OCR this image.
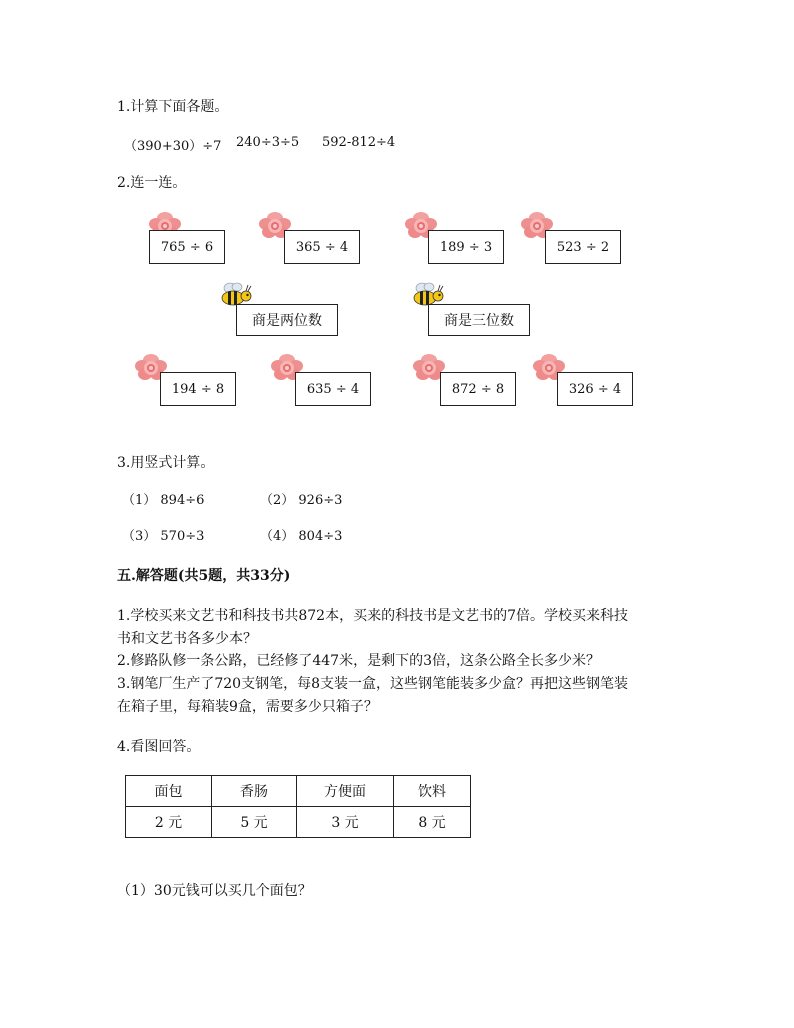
1.计算下面各题。
（390+30）÷7 240÷3÷5 592-812÷4
2.连一连。
765 ÷ 6	365 ÷ 4	189 ÷ 3	523 ÷ 2
商是两位数	商是三位数
194 ÷ 8	635 ÷ 4	872 ÷ 8	326 ÷ 4
3.用竖式计算。
（1） 894÷6	（2） 926÷3
（3） 570÷3	（4） 804÷3
五.解答题(共5题，共33分)
1.学校买来文艺书和科技书共872本，买来的科技书是文艺书的7倍。学校买来科技
书和文艺书各多少本？
2.修路队修一条公路，已经修了447米，是剩下的3倍，这条公路全长多少米？
3.钢笔厂生产了720支钢笔，每8支装一盒，这些钢笔能装多少盒？再把这些钢笔装
在箱子里，每箱装9盒，需要多少只箱子？
4.看图回答。
面包	香肠	方便面	饮料
2 元	5 元	3 元	8 元
（1）30元钱可以买几个面包？
